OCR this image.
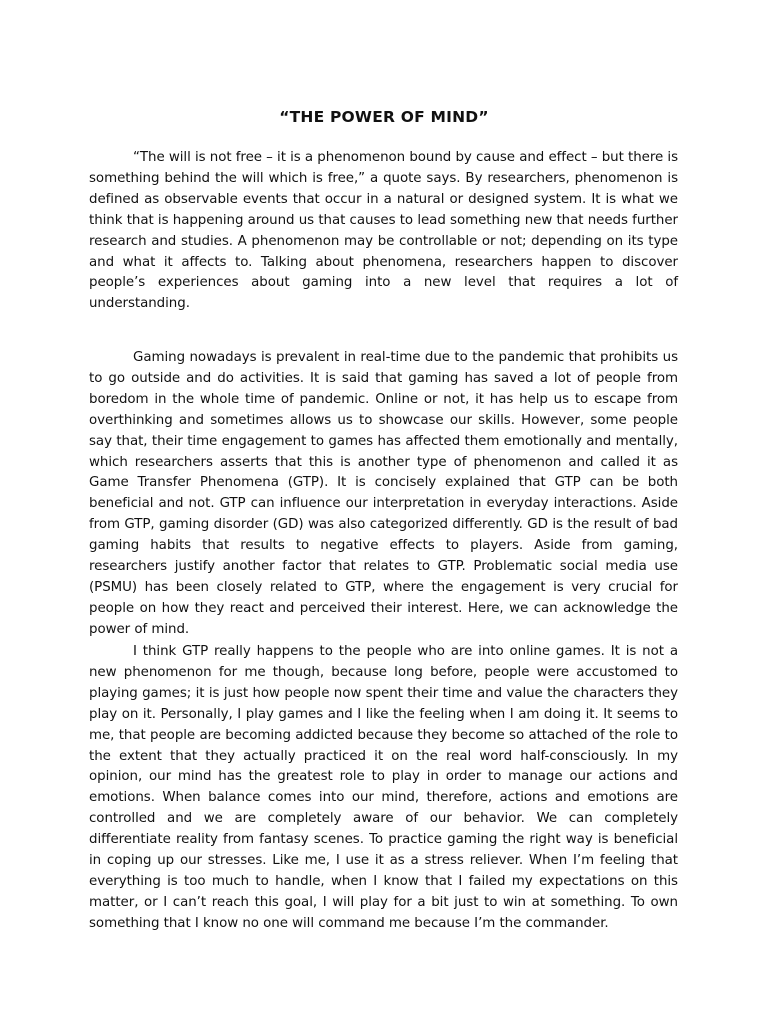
“THE POWER OF MIND”

“The will is not free – it is a phenomenon bound by cause and effect – but there is something behind the will which is free,” a quote says. By researchers, phenomenon is defined as observable events that occur in a natural or designed system. It is what we think that is happening around us that causes to lead something new that needs further research and studies. A phenomenon may be controllable or not; depending on its type and what it affects to. Talking about phenomena, researchers happen to discover people’s experiences about gaming into a new level that requires a lot of understanding.

Gaming nowadays is prevalent in real-time due to the pandemic that prohibits us to go outside and do activities. It is said that gaming has saved a lot of people from boredom in the whole time of pandemic. Online or not, it has help us to escape from overthinking and sometimes allows us to showcase our skills. However, some people say that, their time engagement to games has affected them emotionally and mentally, which researchers asserts that this is another type of phenomenon and called it as Game Transfer Phenomena (GTP). It is concisely explained that GTP can be both beneficial and not. GTP can influence our interpretation in everyday interactions. Aside from GTP, gaming disorder (GD) was also categorized differently. GD is the result of bad gaming habits that results to negative effects to players. Aside from gaming, researchers justify another factor that relates to GTP. Problematic social media use (PSMU) has been closely related to GTP, where the engagement is very crucial for people on how they react and perceived their interest. Here, we can acknowledge the power of mind.

I think GTP really happens to the people who are into online games. It is not a new phenomenon for me though, because long before, people were accustomed to playing games; it is just how people now spent their time and value the characters they play on it. Personally, I play games and I like the feeling when I am doing it. It seems to me, that people are becoming addicted because they become so attached of the role to the extent that they actually practiced it on the real word half-consciously. In my opinion, our mind has the greatest role to play in order to manage our actions and emotions. When balance comes into our mind, therefore, actions and emotions are controlled and we are completely aware of our behavior. We can completely differentiate reality from fantasy scenes. To practice gaming the right way is beneficial in coping up our stresses. Like me, I use it as a stress reliever. When I’m feeling that everything is too much to handle, when I know that I failed my expectations on this matter, or I can’t reach this goal, I will play for a bit just to win at something. To own something that I know no one will command me because I’m the commander.
